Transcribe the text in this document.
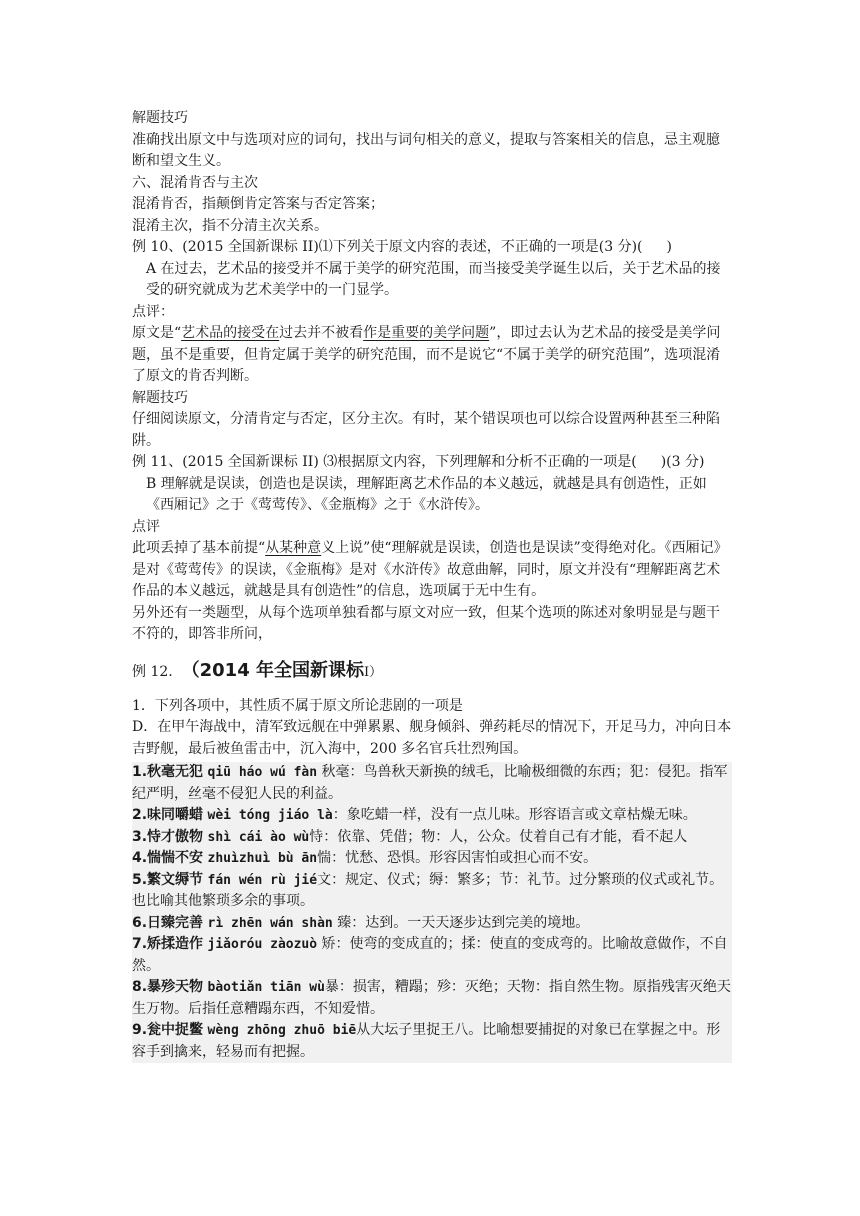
解题技巧

准确找出原文中与选项对应的词句，找出与词句相关的意义，提取与答案相关的信息，忌主观臆断和望文生义。

六、混淆肯否与主次

混淆肯否，指颠倒肯定答案与否定答案；

混淆主次，指不分清主次关系。

例 10、(2015 全国新课标 II)⑴下列关于原文内容的表述，不正确的一项是(3 分)( )

A 在过去，艺术品的接受并不属于美学的研究范围，而当接受美学诞生以后，关于艺术品的接受的研究就成为艺术美学中的一门显学。

点评：

原文是“艺术品的接受在过去并不被看作是重要的美学问题”，即过去认为艺术品的接受是美学问题，虽不是重要，但肯定属于美学的研究范围，而不是说它“不属于美学的研究范围”，选项混淆了原文的肯否判断。

解题技巧

仔细阅读原文，分清肯定与否定，区分主次。有时，某个错误项也可以综合设置两种甚至三种陷阱。

例 11、(2015 全国新课标 II) ⑶根据原文内容，下列理解和分析不正确的一项是( )(3 分)

B 理解就是误读，创造也是误读，理解距离艺术作品的本义越远，就越是具有创造性，正如《西厢记》之于《莺莺传》、《金瓶梅》之于《水浒传》。

点评

此项丢掉了基本前提“从某种意义上说”使“理解就是误读，创造也是误读”变得绝对化。《西厢记》是对《莺莺传》的误读，《金瓶梅》是对《水浒传》故意曲解，同时，原文并没有“理解距离艺术作品的本义越远，就越是具有创造性”的信息，选项属于无中生有。

另外还有一类题型，从每个选项单独看都与原文对应一致，但某个选项的陈述对象明显是与题干不符的，即答非所问，

例 12. （2014 年全国新课标I）

1．下列各项中，其性质不属于原文所论悲剧的一项是

D．在甲午海战中，清军致远舰在中弹累累、舰身倾斜、弹药耗尽的情况下，开足马力，冲向日本吉野舰，最后被鱼雷击中，沉入海中，200 多名官兵壮烈殉国。

1.秋毫无犯 qiū háo wú fàn 秋毫：鸟兽秋天新换的绒毛，比喻极细微的东西；犯：侵犯。指军纪严明，丝毫不侵犯人民的利益。

2.味同嚼蜡 wèi tóng jiáo là：象吃蜡一样，没有一点儿味。形容语言或文章枯燥无味。

3.恃才傲物 shì cái ào wù恃：依靠、凭借；物：人，公众。仗着自己有才能，看不起人

4.惴惴不安 zhuìzhuì bù ān惴：忧愁、恐惧。形容因害怕或担心而不安。

5.繁文缛节 fán wén rù jié文：规定、仪式；缛：繁多；节：礼节。过分繁琐的仪式或礼节。也比喻其他繁琐多余的事项。

6.日臻完善 rì zhēn wán shàn 臻：达到。一天天逐步达到完美的境地。

7.矫揉造作 jiǎoróu zàozuò 矫：使弯的变成直的；揉：使直的变成弯的。比喻故意做作，不自然。

8.暴殄天物 bàotiǎn tiān wù暴：损害，糟蹋；殄：灭绝；天物：指自然生物。原指残害灭绝天生万物。后指任意糟蹋东西，不知爱惜。

9.瓮中捉鳖 wèng zhōng zhuō biē从大坛子里捉王八。比喻想要捕捉的对象已在掌握之中。形容手到擒来，轻易而有把握。
